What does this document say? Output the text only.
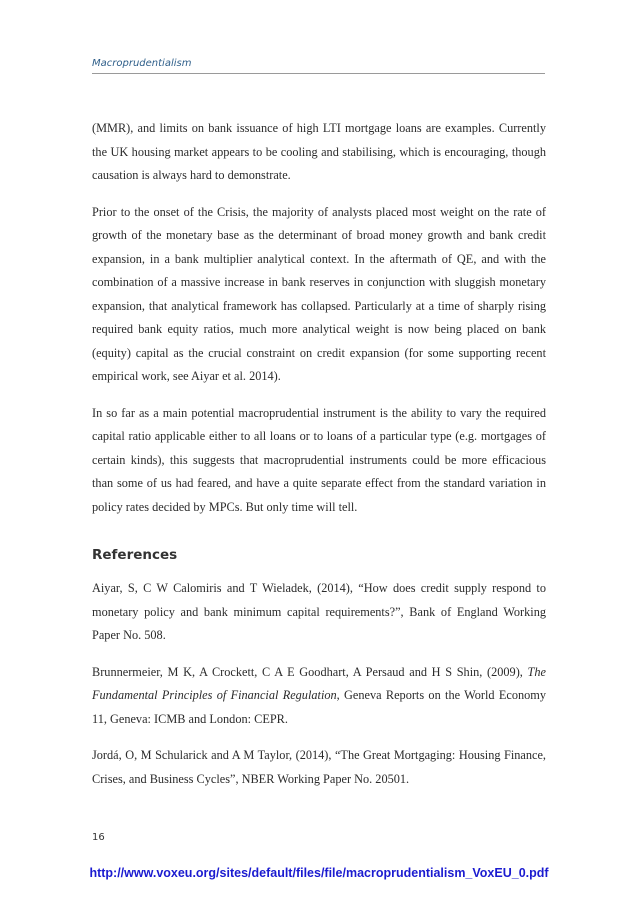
Macroprudentialism

(MMR), and limits on bank issuance of high LTI mortgage loans are examples. Currently the UK housing market appears to be cooling and stabilising, which is encouraging, though causation is always hard to demonstrate.

Prior to the onset of the Crisis, the majority of analysts placed most weight on the rate of growth of the monetary base as the determinant of broad money growth and bank credit expansion, in a bank multiplier analytical context. In the aftermath of QE, and with the combination of a massive increase in bank reserves in conjunction with sluggish monetary expansion, that analytical framework has collapsed. Particularly at a time of sharply rising required bank equity ratios, much more analytical weight is now being placed on bank (equity) capital as the crucial constraint on credit expansion (for some supporting recent empirical work, see Aiyar et al. 2014).

In so far as a main potential macroprudential instrument is the ability to vary the required capital ratio applicable either to all loans or to loans of a particular type (e.g. mortgages of certain kinds), this suggests that macroprudential instruments could be more efficacious than some of us had feared, and have a quite separate effect from the standard variation in policy rates decided by MPCs. But only time will tell.

References

Aiyar, S, C W Calomiris and T Wieladek, (2014), “How does credit supply respond to monetary policy and bank minimum capital requirements?”, Bank of England Working Paper No. 508.

Brunnermeier, M K, A Crockett, C A E Goodhart, A Persaud and H S Shin, (2009), The Fundamental Principles of Financial Regulation, Geneva Reports on the World Economy 11, Geneva: ICMB and London: CEPR.

Jordá, O, M Schularick and A M Taylor, (2014), “The Great Mortgaging: Housing Finance, Crises, and Business Cycles”, NBER Working Paper No. 20501.

16
http://www.voxeu.org/sites/default/files/file/macroprudentialism_VoxEU_0.pdf
